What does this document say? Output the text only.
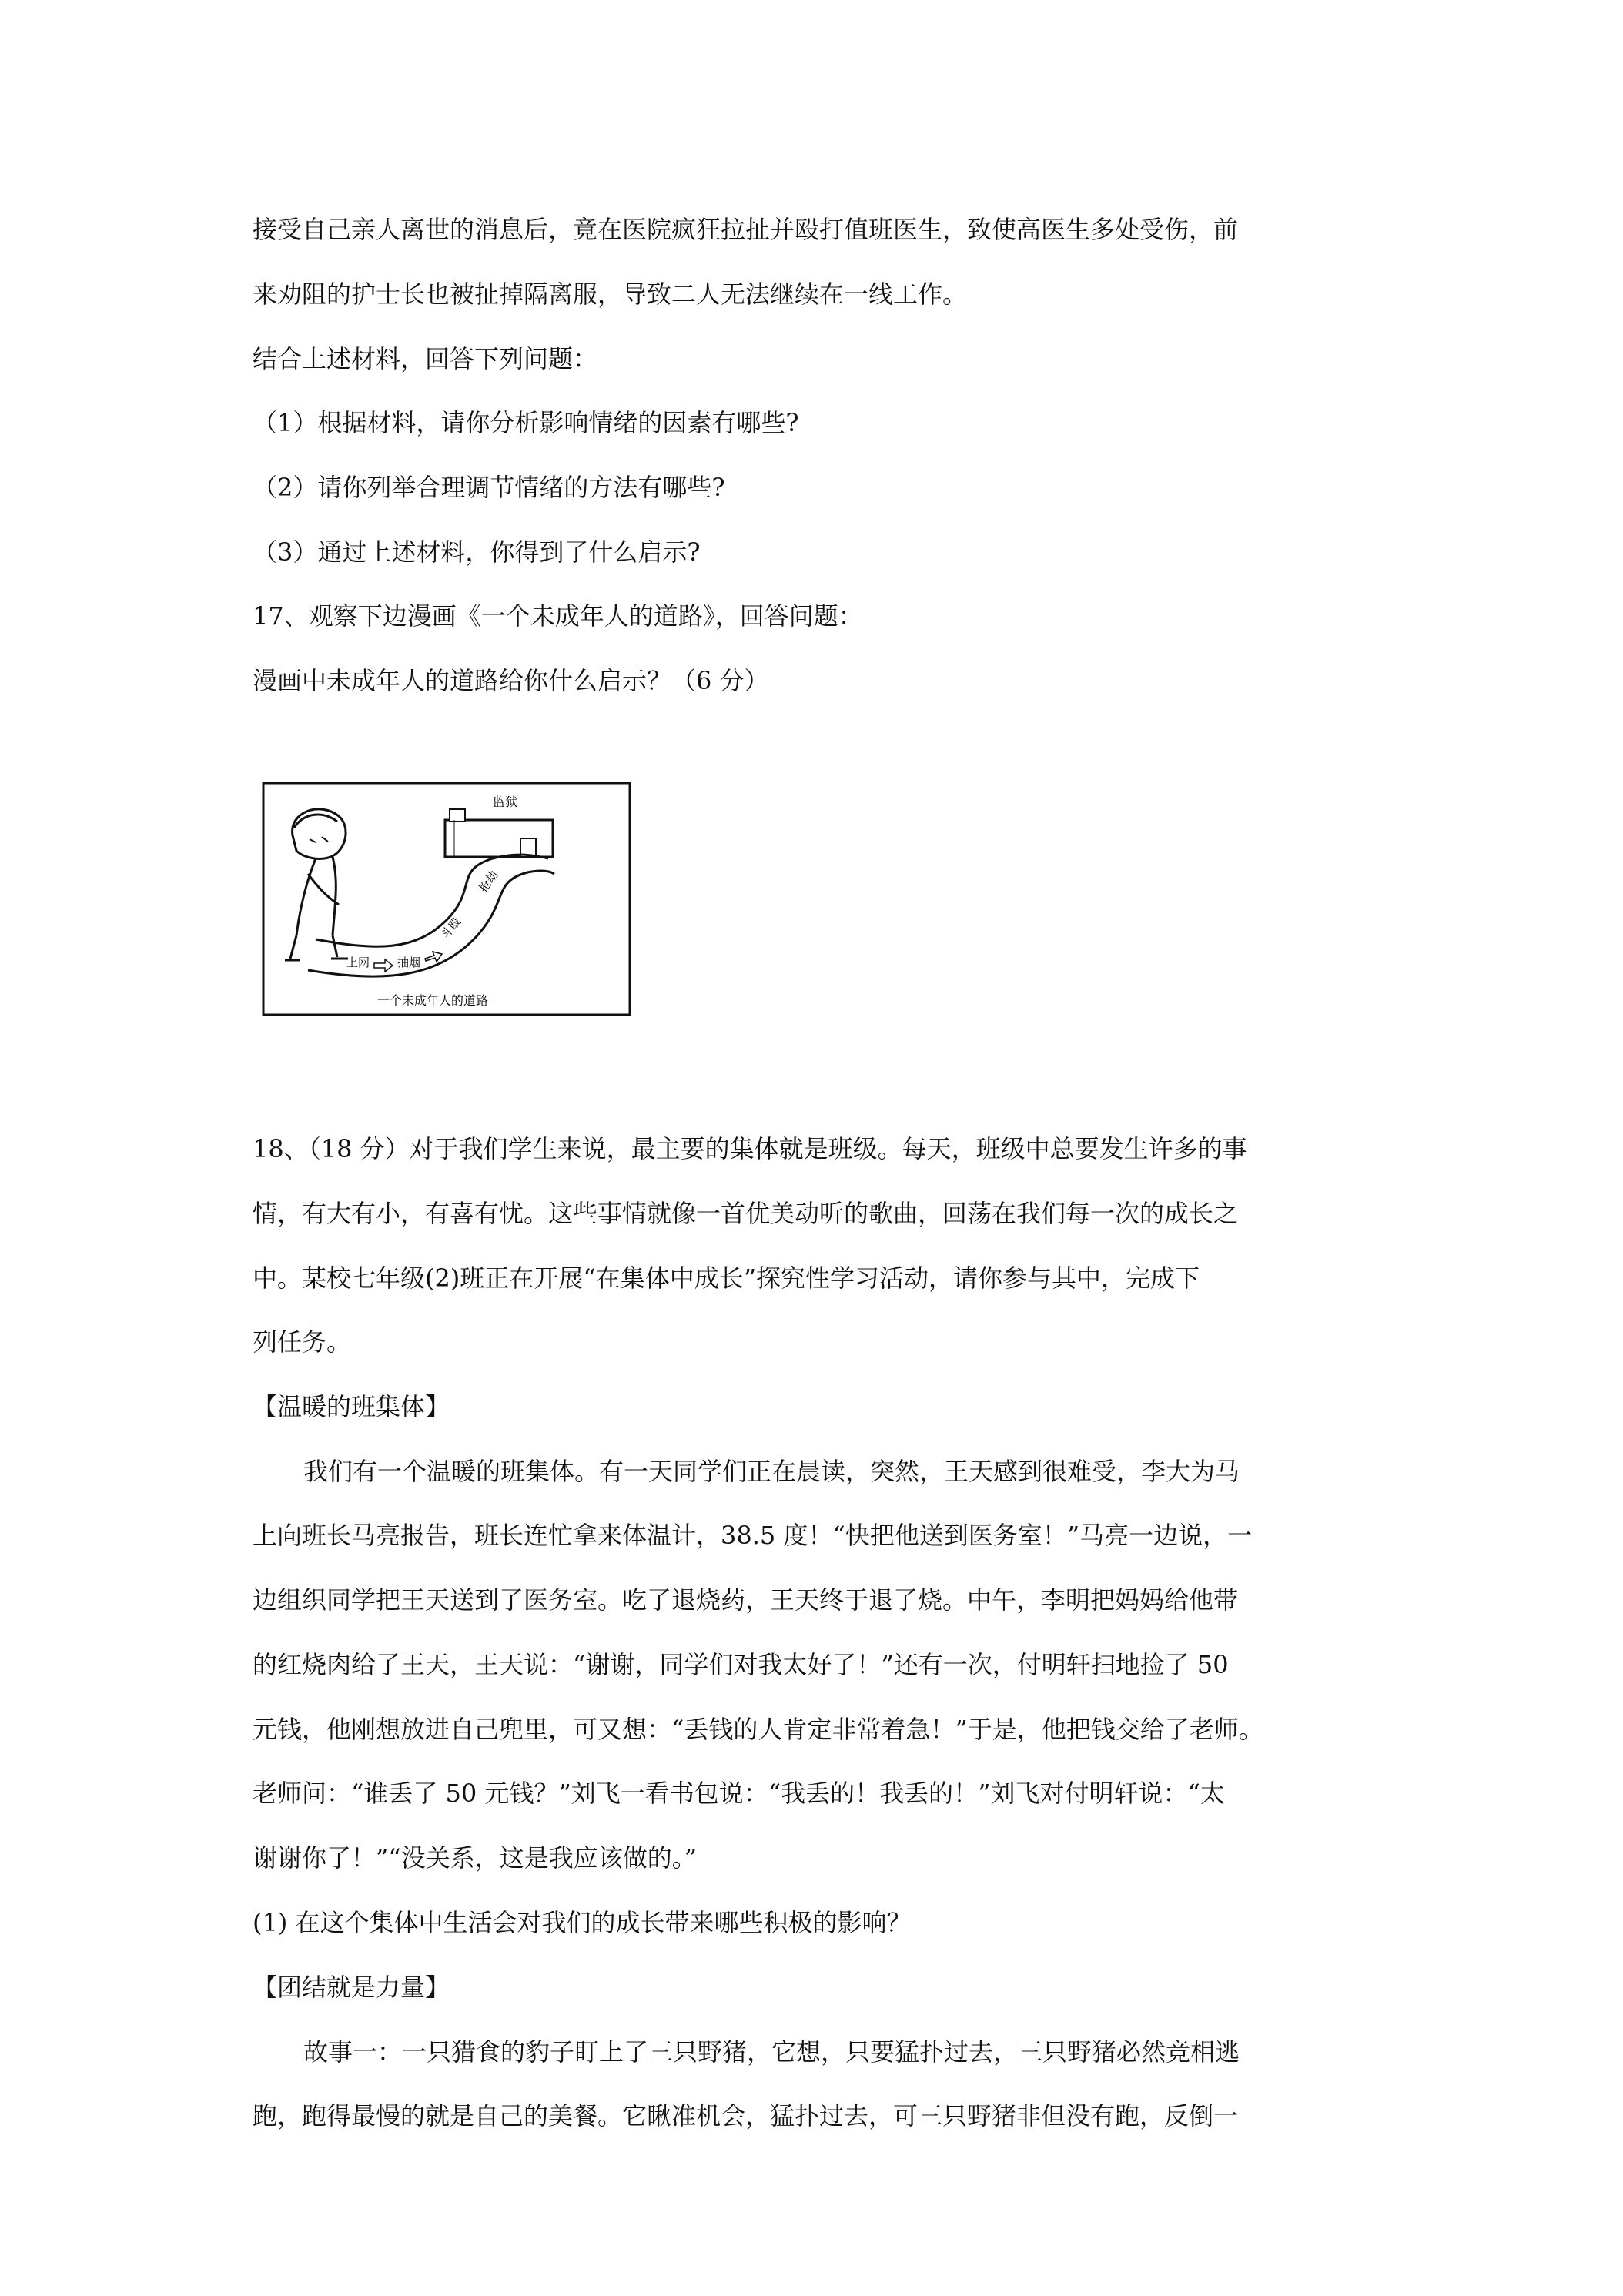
接受自己亲人离世的消息后，竟在医院疯狂拉扯并殴打值班医生，致使高医生多处受伤，前
来劝阻的护士长也被扯掉隔离服，导致二人无法继续在一线工作。
结合上述材料，回答下列问题：
（1）根据材料，请你分析影响情绪的因素有哪些?
（2）请你列举合理调节情绪的方法有哪些?
（3）通过上述材料，你得到了什么启示?
17、观察下边漫画《一个未成年人的道路》，回答问题：
漫画中未成年人的道路给你什么启示？（6 分）
监狱
上网 抽烟
斗殴
抢劫
一个未成年人的道路
18、（18 分）对于我们学生来说，最主要的集体就是班级。每天，班级中总要发生许多的事
情，有大有小，有喜有忧。这些事情就像一首优美动听的歌曲，回荡在我们每一次的成长之
中。某校七年级(2)班正在开展“在集体中成长”探究性学习活动，请你参与其中，完成下
列任务。
【温暖的班集体】
我们有一个温暖的班集体。有一天同学们正在晨读，突然，王天感到很难受，李大为马
上向班长马亮报告，班长连忙拿来体温计，38.5 度！“快把他送到医务室！”马亮一边说，一
边组织同学把王天送到了医务室。吃了退烧药，王天终于退了烧。中午，李明把妈妈给他带
的红烧肉给了王天，王天说：“谢谢，同学们对我太好了！”还有一次，付明轩扫地捡了 50
元钱，他刚想放进自己兜里，可又想：“丢钱的人肯定非常着急！”于是，他把钱交给了老师。
老师问：“谁丢了 50 元钱？”刘飞一看书包说：“我丢的！我丢的！”刘飞对付明轩说：“太
谢谢你了！”“没关系，这是我应该做的。”
(1) 在这个集体中生活会对我们的成长带来哪些积极的影响？
【团结就是力量】
故事一：一只猎食的豹子盯上了三只野猪，它想，只要猛扑过去，三只野猪必然竞相逃
跑，跑得最慢的就是自己的美餐。它瞅准机会，猛扑过去，可三只野猪非但没有跑，反倒一
